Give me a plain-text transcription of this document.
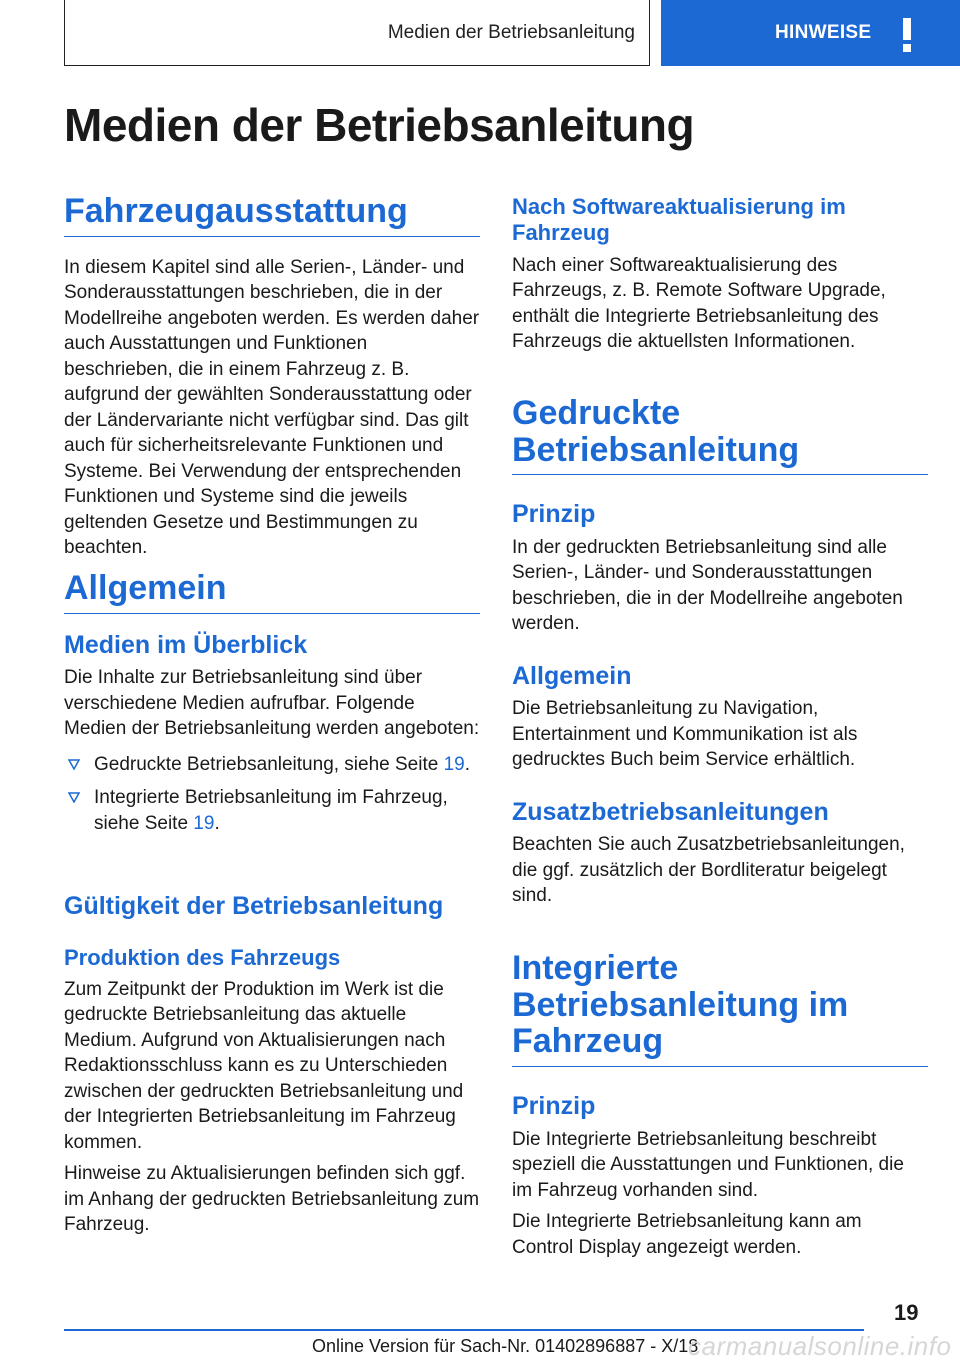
Medien der Betriebsanleitung	HINWEISE
Medien der Betriebsanleitung
Fahrzeugausstattung

In diesem Kapitel sind alle Serien-, Länder- und Sonderausstattungen beschrieben, die in der Modellreihe angeboten werden. Es werden daher auch Ausstattungen und Funktionen beschrieben, die in einem Fahrzeug z. B. aufgrund der gewählten Sonderausstattung oder der Ländervariante nicht verfügbar sind. Das gilt auch für sicherheitsrelevante Funktionen und Systeme. Bei Verwendung der entsprechenden Funktionen und Systeme sind die jeweils geltenden Gesetze und Bestimmungen zu beachten.

Allgemein
Medien im Überblick

Die Inhalte zur Betriebsanleitung sind über verschiedene Medien aufrufbar. Folgende Medien der Betriebsanleitung werden angeboten:

Gedruckte Betriebsanleitung, siehe Seite 19.
Integrierte Betriebsanleitung im Fahrzeug, siehe Seite 19.
Gültigkeit der Betriebsanleitung
Produktion des Fahrzeugs

Zum Zeitpunkt der Produktion im Werk ist die gedruckte Betriebsanleitung das aktuelle Medium. Aufgrund von Aktualisierungen nach Redaktionsschluss kann es zu Unterschieden zwischen der gedruckten Betriebsanleitung und der Integrierten Betriebsanleitung im Fahrzeug kommen.

Hinweise zu Aktualisierungen befinden sich ggf. im Anhang der gedruckten Betriebsanleitung zum Fahrzeug.

Nach Softwareaktualisierung im Fahrzeug

Nach einer Softwareaktualisierung des Fahrzeugs, z. B. Remote Software Upgrade, enthält die Integrierte Betriebsanleitung des Fahrzeugs die aktuellsten Informationen.

Gedruckte Betriebsanleitung
Prinzip

In der gedruckten Betriebsanleitung sind alle Serien-, Länder- und Sonderausstattungen beschrieben, die in der Modellreihe angeboten werden.

Allgemein

Die Betriebsanleitung zu Navigation, Entertainment und Kommunikation ist als gedrucktes Buch beim Service erhältlich.

Zusatzbetriebsanleitungen

Beachten Sie auch Zusatzbetriebsanleitungen, die ggf. zusätzlich der Bordliteratur beigelegt sind.

Integrierte Betriebsanleitung im Fahrzeug
Prinzip

Die Integrierte Betriebsanleitung beschreibt speziell die Ausstattungen und Funktionen, die im Fahrzeug vorhanden sind.

Die Integrierte Betriebsanleitung kann am Control Display angezeigt werden.

19
Online Version für Sach-Nr. 01402896887 - X/18
carmanualsonline.info
